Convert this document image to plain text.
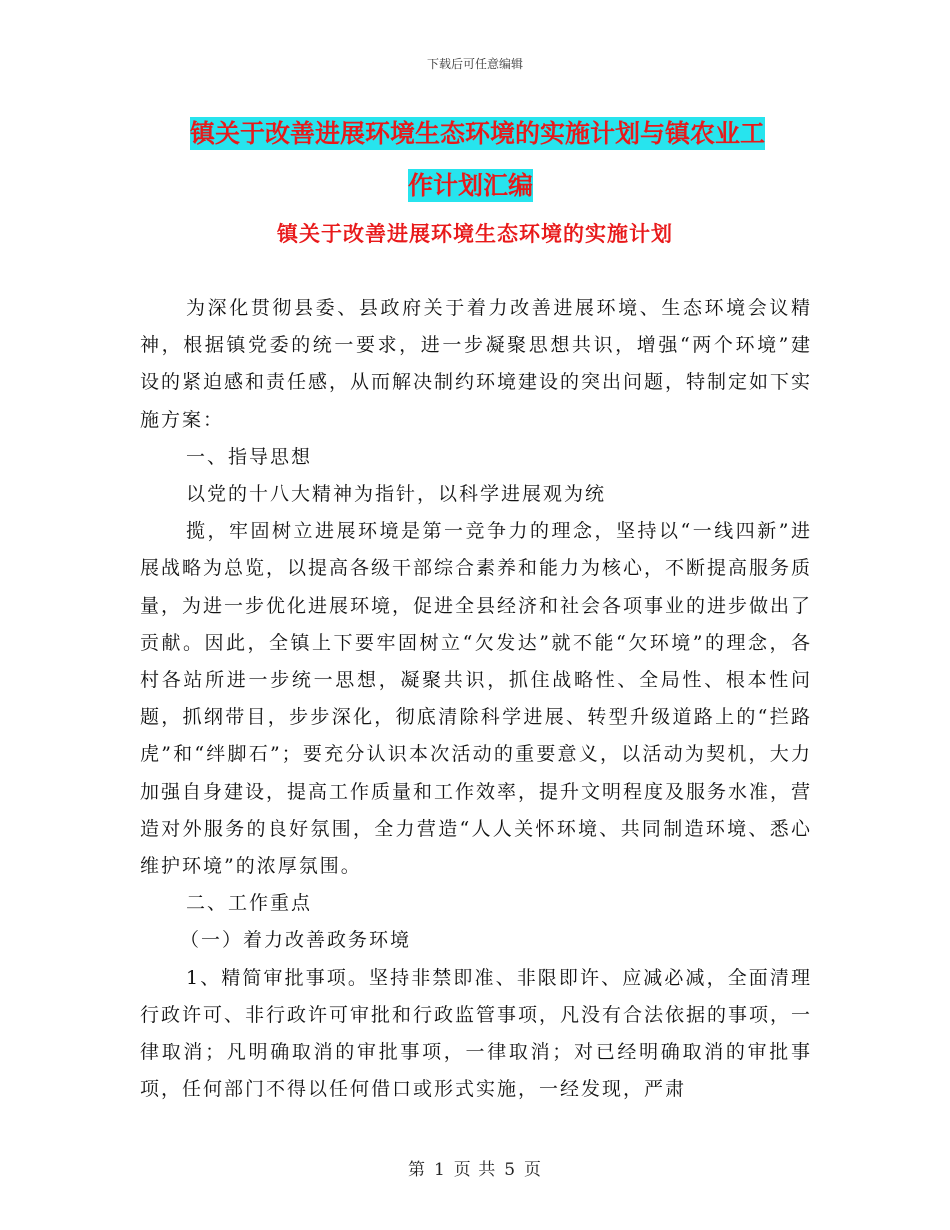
下载后可任意编辑
镇关于改善进展环境生态环境的实施计划与镇农业工
作计划汇编
镇关于改善进展环境生态环境的实施计划

为深化贯彻县委、县政府关于着力改善进展环境、生态环境会议精神，根据镇党委的统一要求，进一步凝聚思想共识，增强“两个环境”建设的紧迫感和责任感，从而解决制约环境建设的突出问题，特制定如下实施方案：

一、指导思想

以党的十八大精神为指针，以科学进展观为统

揽，牢固树立进展环境是第一竞争力的理念，坚持以“一线四新”进展战略为总览，以提高各级干部综合素养和能力为核心，不断提高服务质量，为进一步优化进展环境，促进全县经济和社会各项事业的进步做出了贡献。因此，全镇上下要牢固树立“欠发达”就不能“欠环境”的理念，各村各站所进一步统一思想，凝聚共识，抓住战略性、全局性、根本性问题，抓纲带目，步步深化，彻底清除科学进展、转型升级道路上的“拦路虎”和“绊脚石”；要充分认识本次活动的重要意义，以活动为契机，大力加强自身建设，提高工作质量和工作效率，提升文明程度及服务水准，营造对外服务的良好氛围，全力营造“人人关怀环境、共同制造环境、悉心维护环境”的浓厚氛围。

二、工作重点

（一）着力改善政务环境

1、精简审批事项。坚持非禁即准、非限即许、应减必减，全面清理行政许可、非行政许可审批和行政监管事项，凡没有合法依据的事项，一律取消；凡明确取消的审批事项，一律取消；对已经明确取消的审批事项，任何部门不得以任何借口或形式实施，一经发现，严肃

第 1 页 共 5 页
